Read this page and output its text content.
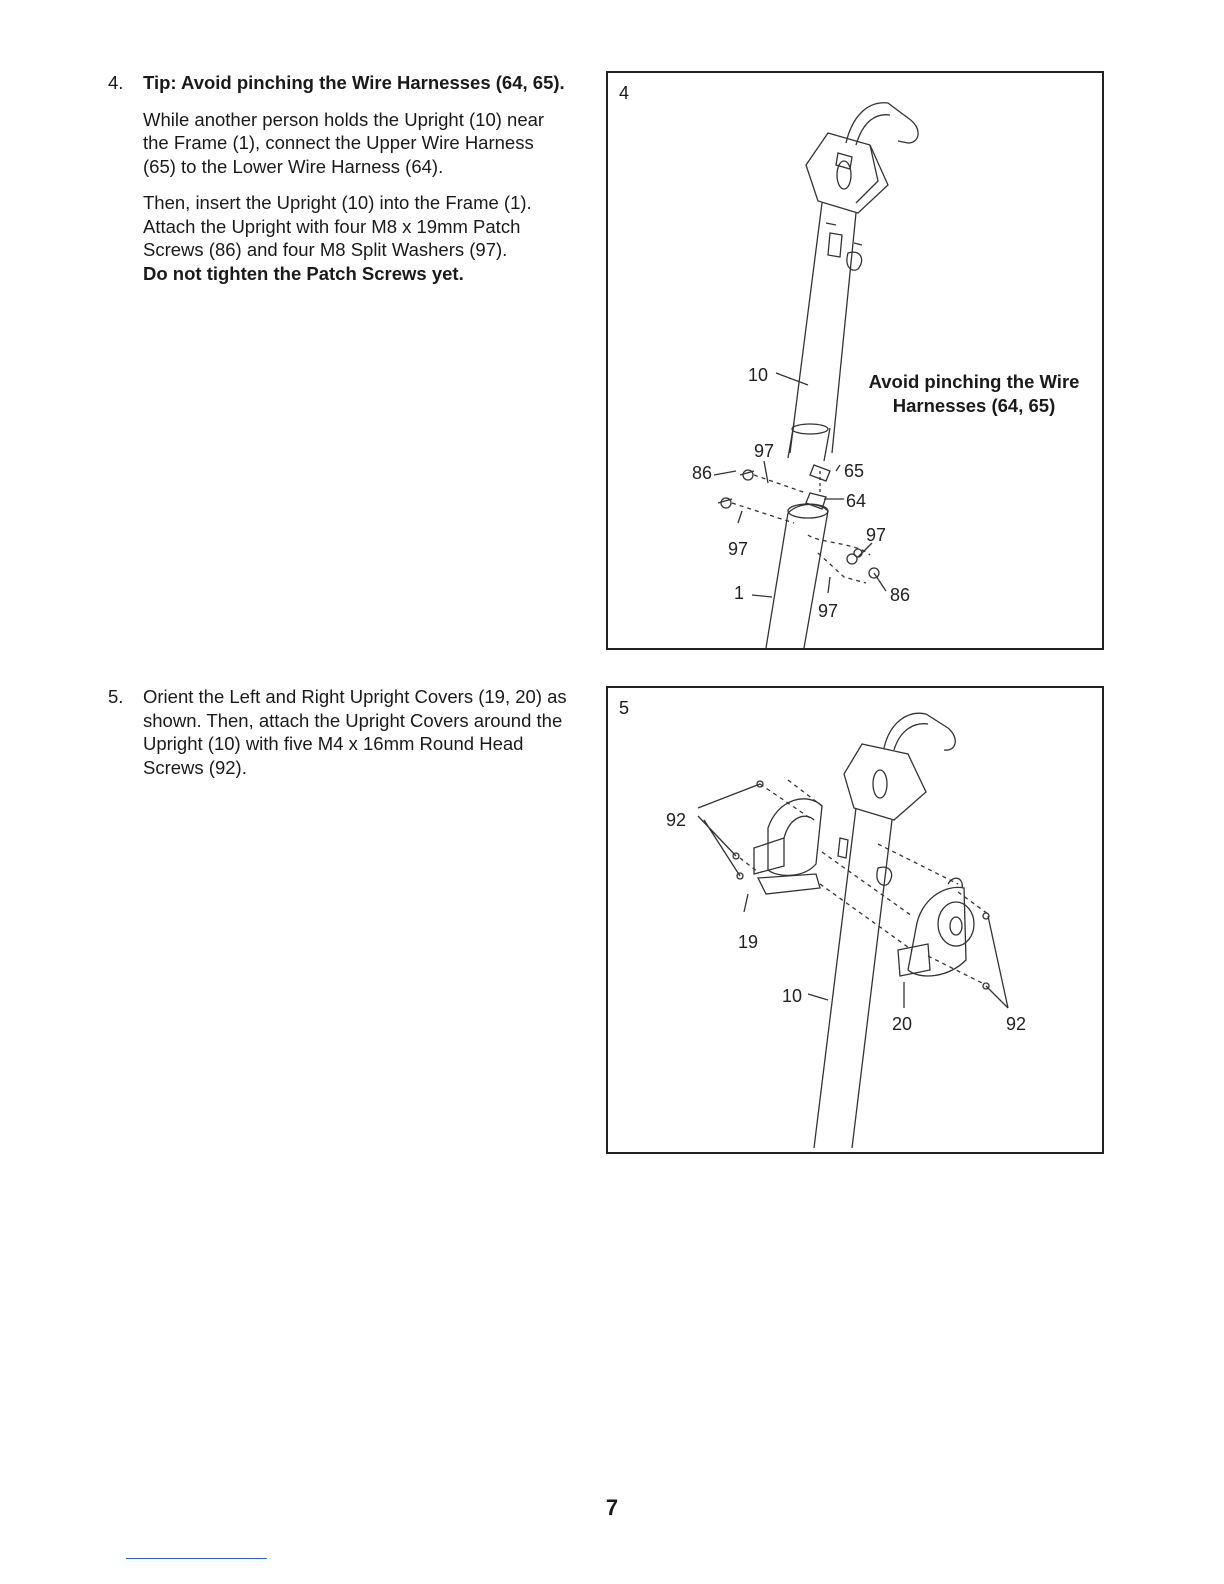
4.	Tip: Avoid pinching the Wire Harnesses (64, 65).

While another person holds the Upright (10) near the Frame (1), connect the Upper Wire Harness (65) to the Lower Wire Harness (64).

Then, insert the Upright (10) into the Frame (1). Attach the Upright with four M8 x 19mm Patch Screws (86) and four M8 Split Washers (97).
Do not tighten the Patch Screws yet.

4
10
97
86	65
64
97
97
1	86
97
Avoid pinching the Wire Harnesses (64, 65)
5.	Orient the Left and Right Upright Covers (19, 20) as shown. Then, attach the Upright Covers around the Upright (10) with five M4 x 16mm Round Head Screws (92).

5
92
19
10
20	92
7
